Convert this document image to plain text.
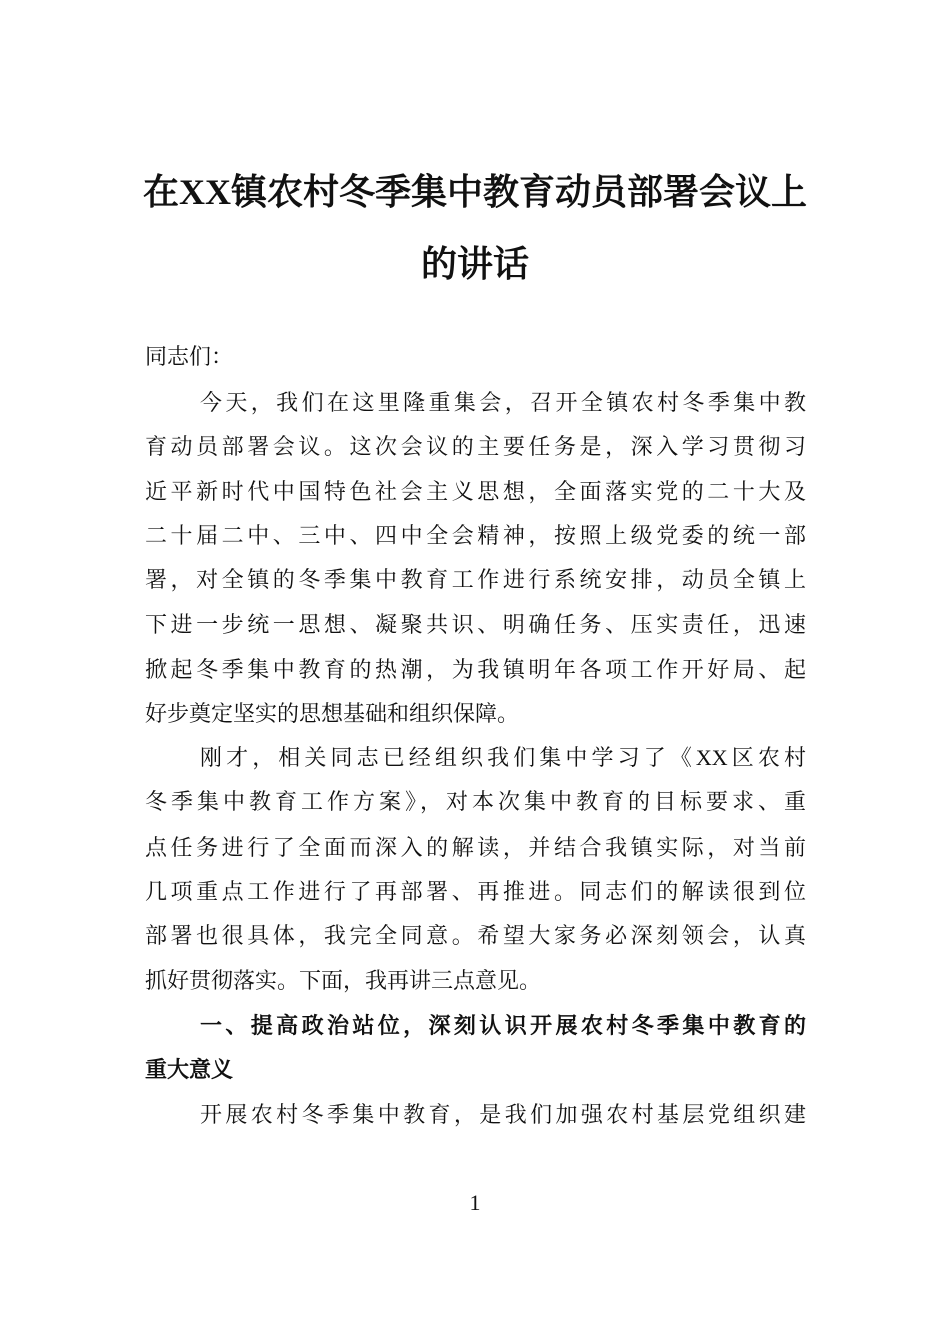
在XX镇农村冬季集中教育动员部署会议上
的讲话
同志们：
今天，我们在这里隆重集会，召开全镇农村冬季集中教
育动员部署会议。这次会议的主要任务是，深入学习贯彻习
近平新时代中国特色社会主义思想，全面落实党的二十大及
二十届二中、三中、四中全会精神，按照上级党委的统一部
署，对全镇的冬季集中教育工作进行系统安排，动员全镇上
下进一步统一思想、凝聚共识、明确任务、压实责任，迅速
掀起冬季集中教育的热潮，为我镇明年各项工作开好局、起
好步奠定坚实的思想基础和组织保障。
刚才，相关同志已经组织我们集中学习了《XX区农村
冬季集中教育工作方案》，对本次集中教育的目标要求、重
点任务进行了全面而深入的解读，并结合我镇实际，对当前
几项重点工作进行了再部署、再推进。同志们的解读很到位
部署也很具体，我完全同意。希望大家务必深刻领会，认真
抓好贯彻落实。下面，我再讲三点意见。
一、提高政治站位，深刻认识开展农村冬季集中教育的
重大意义
开展农村冬季集中教育，是我们加强农村基层党组织建
1
